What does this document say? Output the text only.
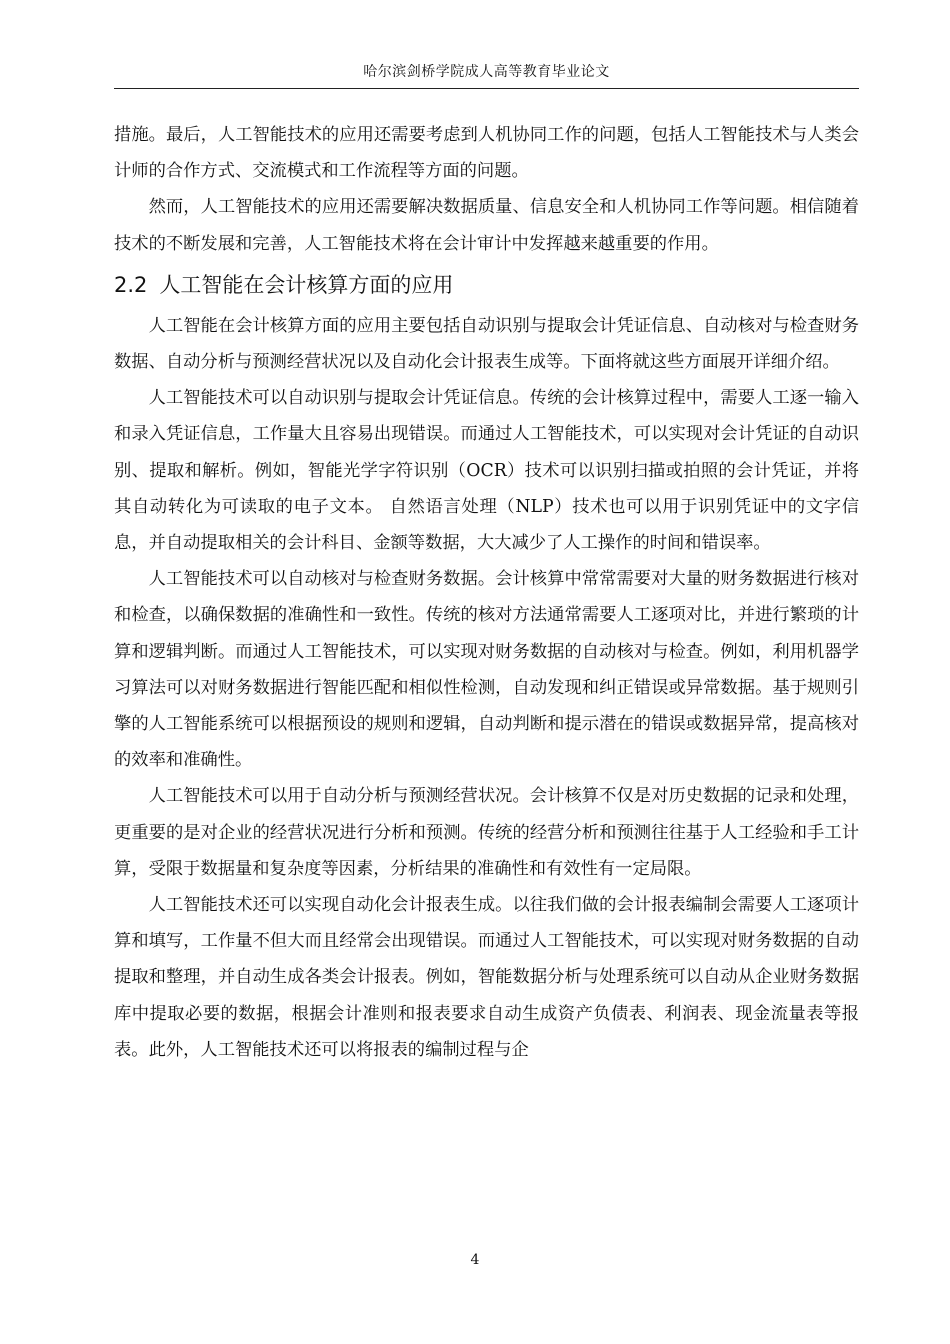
哈尔滨剑桥学院成人高等教育毕业论文

措施。最后，人工智能技术的应用还需要考虑到人机协同工作的问题，包括人工智能技术与人类会计师的合作方式、交流模式和工作流程等方面的问题。

然而，人工智能技术的应用还需要解决数据质量、信息安全和人机协同工作等问题。相信随着技术的不断发展和完善，人工智能技术将在会计审计中发挥越来越重要的作用。

2.2 人工智能在会计核算方面的应用

人工智能在会计核算方面的应用主要包括自动识别与提取会计凭证信息、自动核对与检查财务数据、自动分析与预测经营状况以及自动化会计报表生成等。下面将就这些方面展开详细介绍。

人工智能技术可以自动识别与提取会计凭证信息。传统的会计核算过程中，需要人工逐一输入和录入凭证信息，工作量大且容易出现错误。而通过人工智能技术，可以实现对会计凭证的自动识别、提取和解析。例如，智能光学字符识别（OCR）技术可以识别扫描或拍照的会计凭证，并将其自动转化为可读取的电子文本。 自然语言处理（NLP）技术也可以用于识别凭证中的文字信息，并自动提取相关的会计科目、金额等数据，大大减少了人工操作的时间和错误率。

人工智能技术可以自动核对与检查财务数据。会计核算中常常需要对大量的财务数据进行核对和检查，以确保数据的准确性和一致性。传统的核对方法通常需要人工逐项对比，并进行繁琐的计算和逻辑判断。而通过人工智能技术，可以实现对财务数据的自动核对与检查。例如，利用机器学习算法可以对财务数据进行智能匹配和相似性检测，自动发现和纠正错误或异常数据。基于规则引擎的人工智能系统可以根据预设的规则和逻辑，自动判断和提示潜在的错误或数据异常，提高核对的效率和准确性。

人工智能技术可以用于自动分析与预测经营状况。会计核算不仅是对历史数据的记录和处理，更重要的是对企业的经营状况进行分析和预测。传统的经营分析和预测往往基于人工经验和手工计算，受限于数据量和复杂度等因素，分析结果的准确性和有效性有一定局限。

人工智能技术还可以实现自动化会计报表生成。以往我们做的会计报表编制会需要人工逐项计算和填写，工作量不但大而且经常会出现错误。而通过人工智能技术，可以实现对财务数据的自动提取和整理，并自动生成各类会计报表。例如，智能数据分析与处理系统可以自动从企业财务数据库中提取必要的数据，根据会计准则和报表要求自动生成资产负债表、利润表、现金流量表等报表。此外，人工智能技术还可以将报表的编制过程与企

4
